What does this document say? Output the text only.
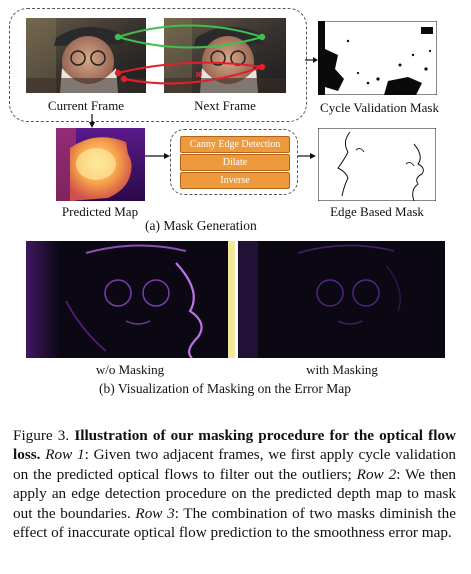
Current Frame	Next Frame	Cycle Validation Mask
Predicted Map
Canny Edge Detection
Dilate
Inverse
Edge Based Mask
(a) Mask Generation
w/o Masking	with Masking
(b) Visualization of Masking on the Error Map

Figure 3. Illustration of our masking procedure for the optical flow loss. Row 1: Given two adjacent frames, we first apply cycle validation on the predicted optical flows to filter out the outliers; Row 2: We then apply an edge detection procedure on the predicted depth map to mask out the boundaries. Row 3: The combination of two masks diminish the effect of inaccurate optical flow prediction to the smoothness error map.
